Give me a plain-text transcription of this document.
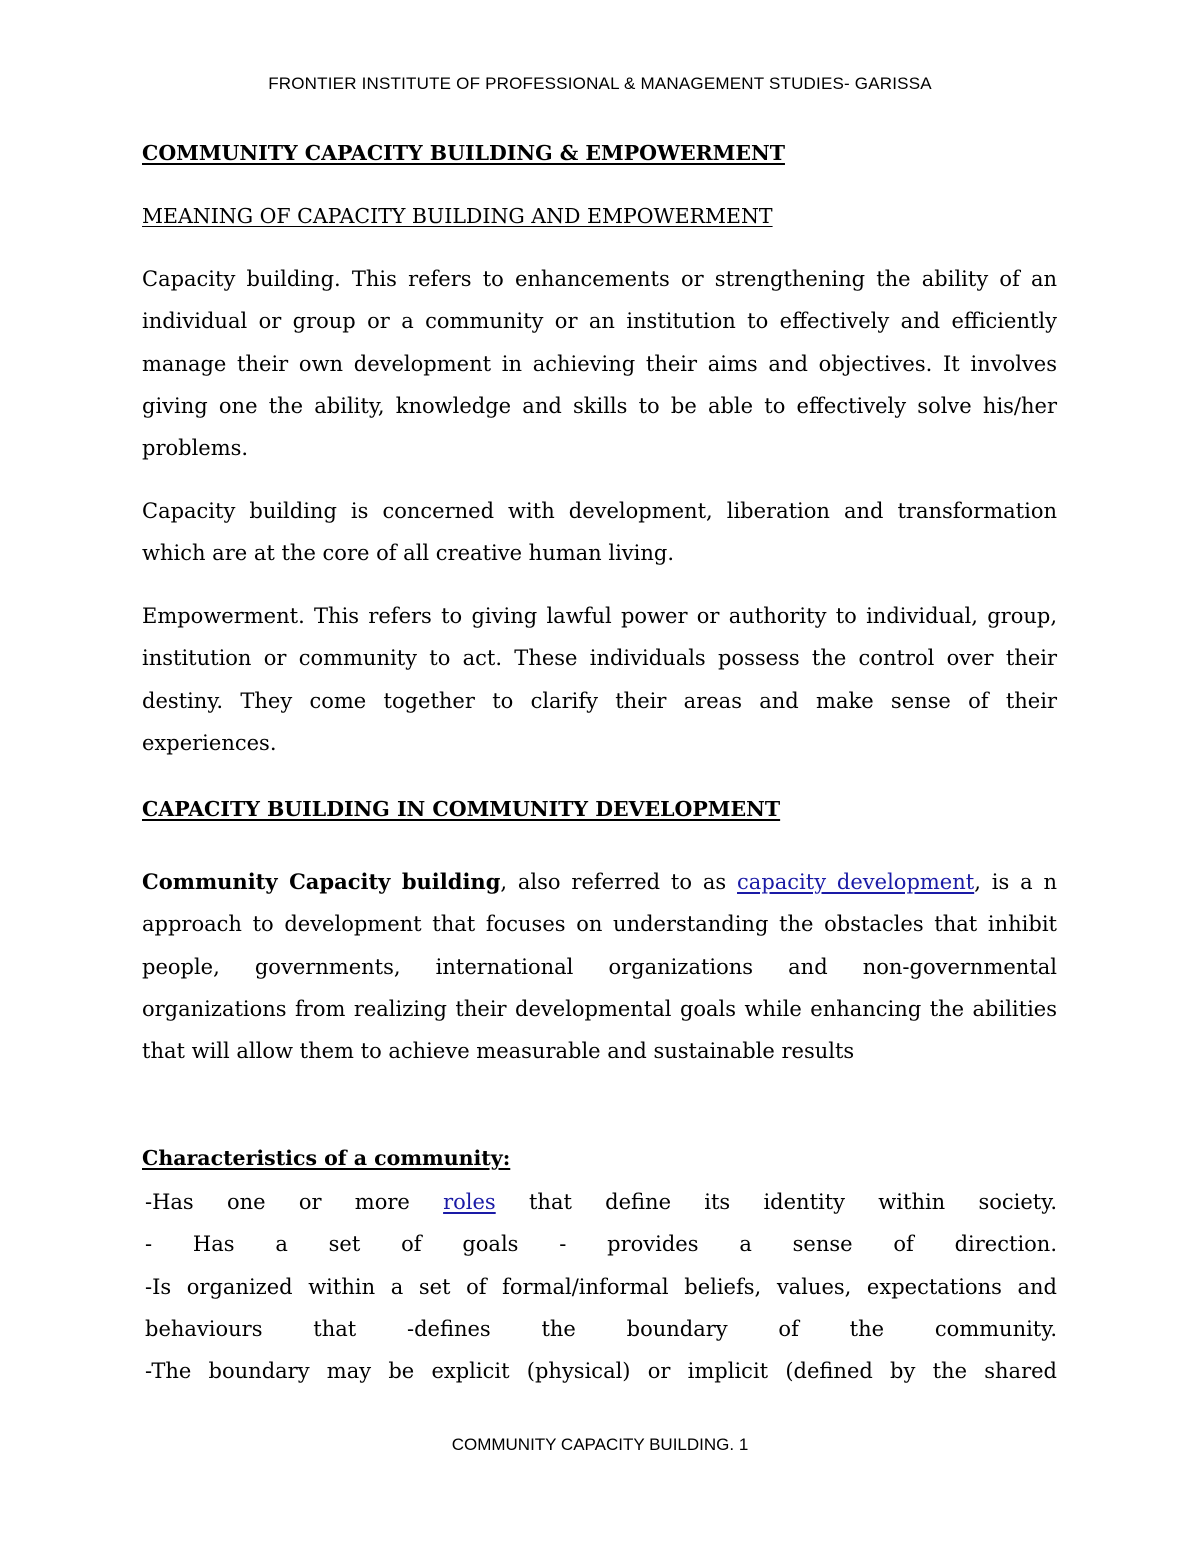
FRONTIER INSTITUTE OF PROFESSIONAL & MANAGEMENT STUDIES- GARISSA
COMMUNITY CAPACITY BUILDING & EMPOWERMENT
MEANING OF CAPACITY BUILDING AND EMPOWERMENT

Capacity building. This refers to enhancements or strengthening the ability of an individual or group or a community or an institution to effectively and efficiently manage their own development in achieving their aims and objectives. It involves giving one the ability, knowledge and skills to be able to effectively solve his/her problems.

Capacity building is concerned with development, liberation and transformation which are at the core of all creative human living.

Empowerment. This refers to giving lawful power or authority to individual, group, institution or community to act. These individuals possess the control over their destiny. They come together to clarify their areas and make sense of their experiences.

CAPACITY BUILDING IN COMMUNITY DEVELOPMENT

Community Capacity building, also referred to as capacity development, is a n approach to development that focuses on understanding the obstacles that inhibit people, governments, international organizations and non-governmental organizations from realizing their developmental goals while enhancing the abilities that will allow them to achieve measurable and sustainable results

Characteristics of a community:
-Has one or more roles that define its identity within society.
- Has a set of goals - provides a sense of direction.
-Is organized within a set of formal/informal beliefs, values, expectations and
behaviours that -defines the boundary of the community.
-The boundary may be explicit (physical) or implicit (defined by the shared
COMMUNITY CAPACITY BUILDING. 1
